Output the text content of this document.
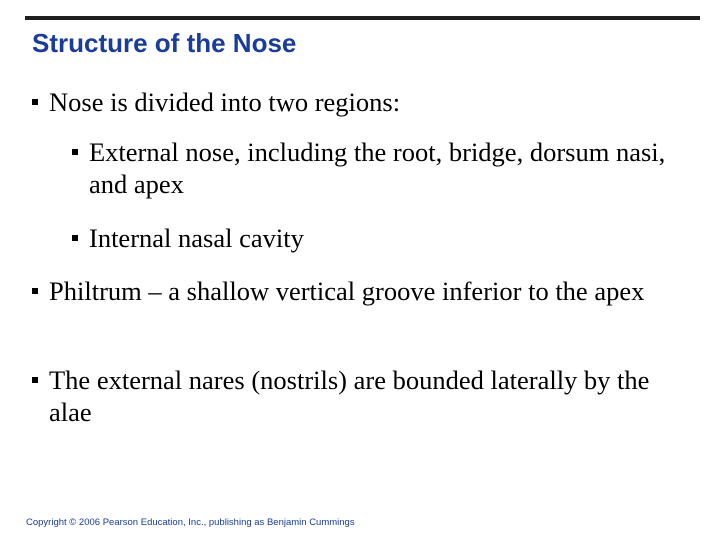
Structure of the Nose
Nose is divided into two regions:
External nose, including the root, bridge, dorsum nasi, and apex
Internal nasal cavity
Philtrum – a shallow vertical groove inferior to the apex
The external nares (nostrils) are bounded laterally by the alae
Copyright © 2006 Pearson Education, Inc., publishing as Benjamin Cummings
